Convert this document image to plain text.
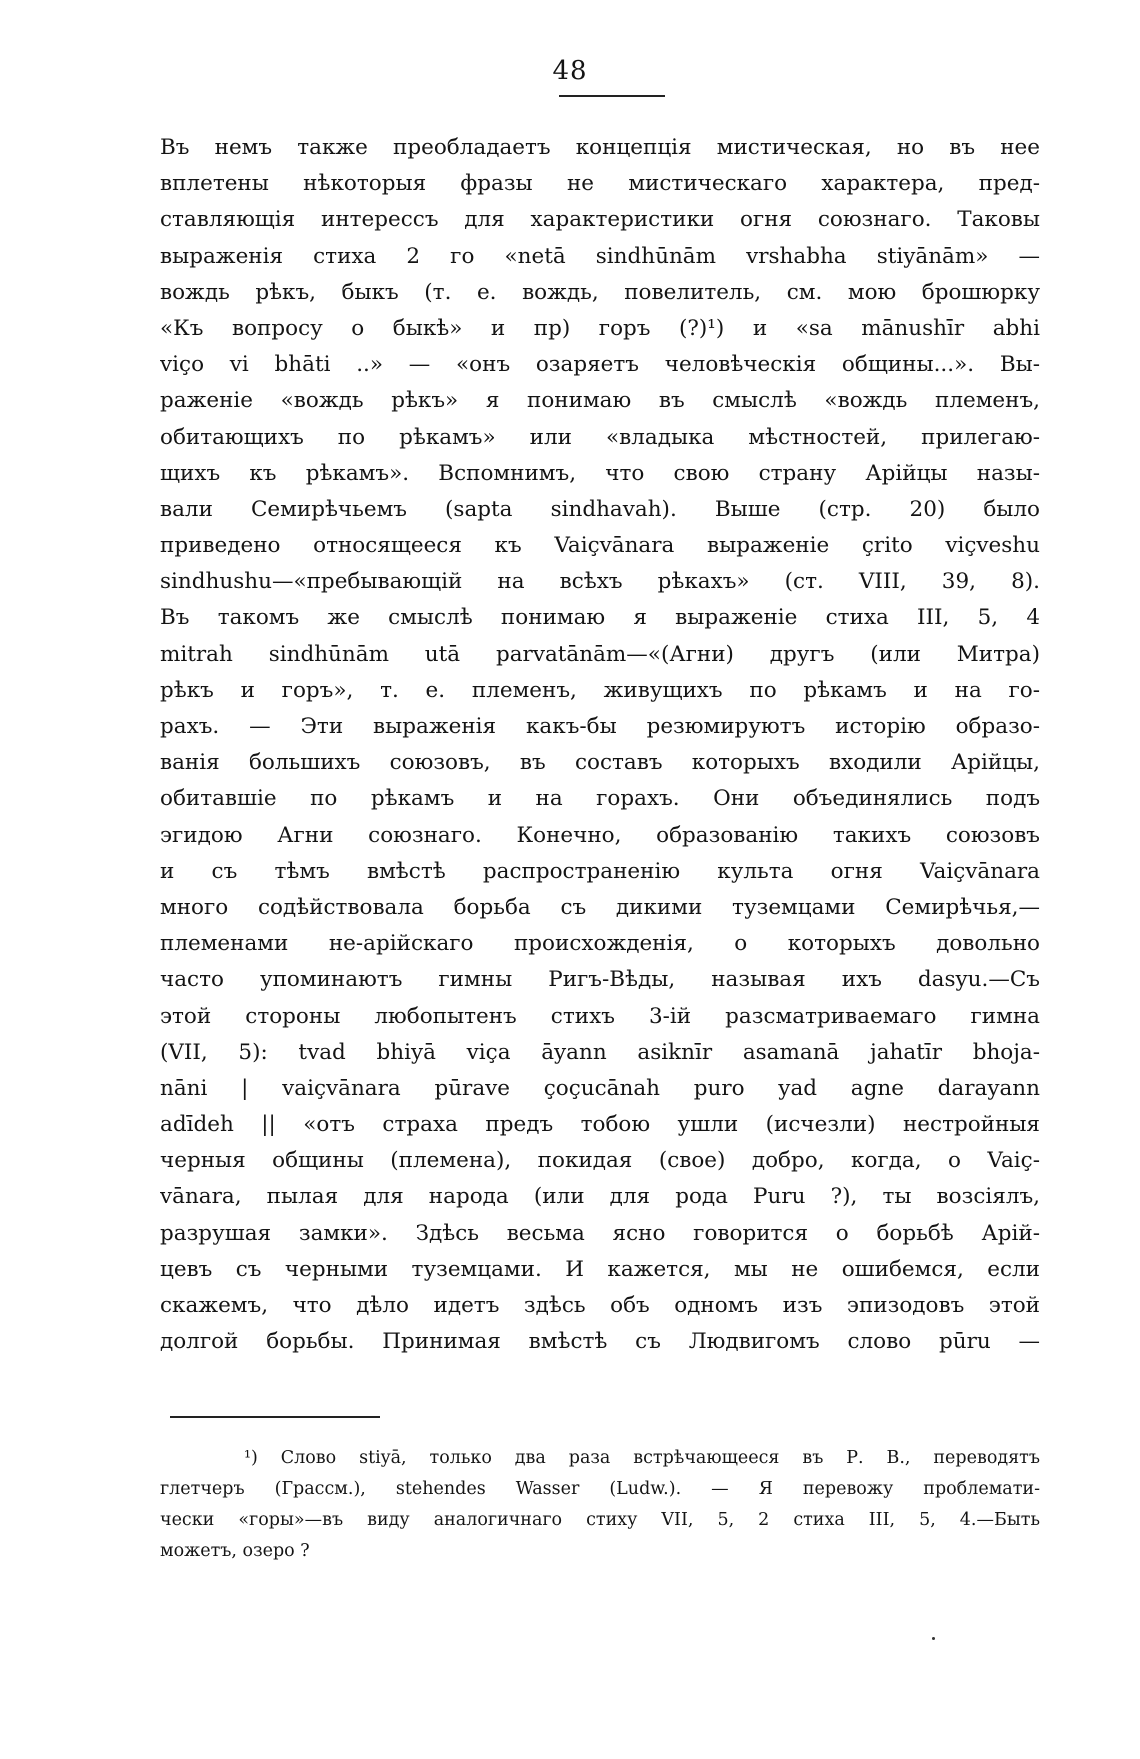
48
Въ немъ также преобладаетъ концепція мистическая, но въ нее
вплетены нѣкоторыя фразы не мистическаго характера, пред-
ставляющія интерессъ для характеристики огня союзнаго. Таковы
выраженія стиха 2 го «netā sindhūnām vrshabha stiyānām» —
вождь рѣкъ, быкъ (т. е. вождь, повелитель, см. мою брошюрку
«Къ вопросу о быкѣ» и пр) горъ (?)¹) и «sa mānushīr abhi
viço vi bhāti ..» — «онъ озаряетъ человѣческія общины...». Вы-
раженіе «вождь рѣкъ» я понимаю въ смыслѣ «вождь племенъ,
обитающихъ по рѣкамъ» или «владыка мѣстностей, прилегаю-
щихъ къ рѣкамъ». Вспомнимъ, что свою страну Арійцы назы-
вали Семирѣчьемъ (sapta sindhavah). Выше (стр. 20) было
приведено относящееся къ Vaiçvānara выраженіе çrito viçveshu
sindhushu—«пребывающій на всѣхъ рѣкахъ» (ст. VIII, 39, 8).
Въ такомъ же смыслѣ понимаю я выраженіе стиха III, 5, 4
mitrah sindhūnām utā parvatānām—«(Агни) другъ (или Митра)
рѣкъ и горъ», т. е. племенъ, живущихъ по рѣкамъ и на го-
рахъ. — Эти выраженія какъ-бы резюмируютъ исторію образо-
ванія большихъ союзовъ, въ составъ которыхъ входили Арійцы,
обитавшіе по рѣкамъ и на горахъ. Они объединялись подъ
эгидою Агни союзнаго. Конечно, образованію такихъ союзовъ
и съ тѣмъ вмѣстѣ распространенію культа огня Vaiçvānara
много содѣйствовала борьба съ дикими туземцами Семирѣчья,—
племенами не-арійскаго происхожденія, о которыхъ довольно
часто упоминаютъ гимны Ригъ-Вѣды, называя ихъ dasyu.—Съ
этой стороны любопытенъ стихъ 3-ій разсматриваемаго гимна
(VII, 5): tvad bhiyā viça āyann asiknīr asamanā jahatīr bhoja-
nāni | vaiçvānara pūrave çoçucānah puro yad agne darayann
adīdeh || «отъ страха предъ тобою ушли (исчезли) нестройныя
черныя общины (племена), покидая (свое) добро, когда, о Vaiç-
vānara, пылая для народа (или для рода Puru ?), ты возсіялъ,
разрушая замки». Здѣсь весьма ясно говорится о борьбѣ Арій-
цевъ съ черными туземцами. И кажется, мы не ошибемся, если
скажемъ, что дѣло идетъ здѣсь объ одномъ изъ эпизодовъ этой
долгой борьбы. Принимая вмѣстѣ съ Людвигомъ слово pūru —
¹) Слово stiyā, только два раза встрѣчающееся въ Р. В., переводятъ
глетчеръ (Грассм.), stehendes Wasser (Ludw.). — Я перевожу проблемати-
чески «горы»—въ виду аналогичнаго стиху VII, 5, 2 стиха III, 5, 4.—Быть
можетъ, озеро ?
